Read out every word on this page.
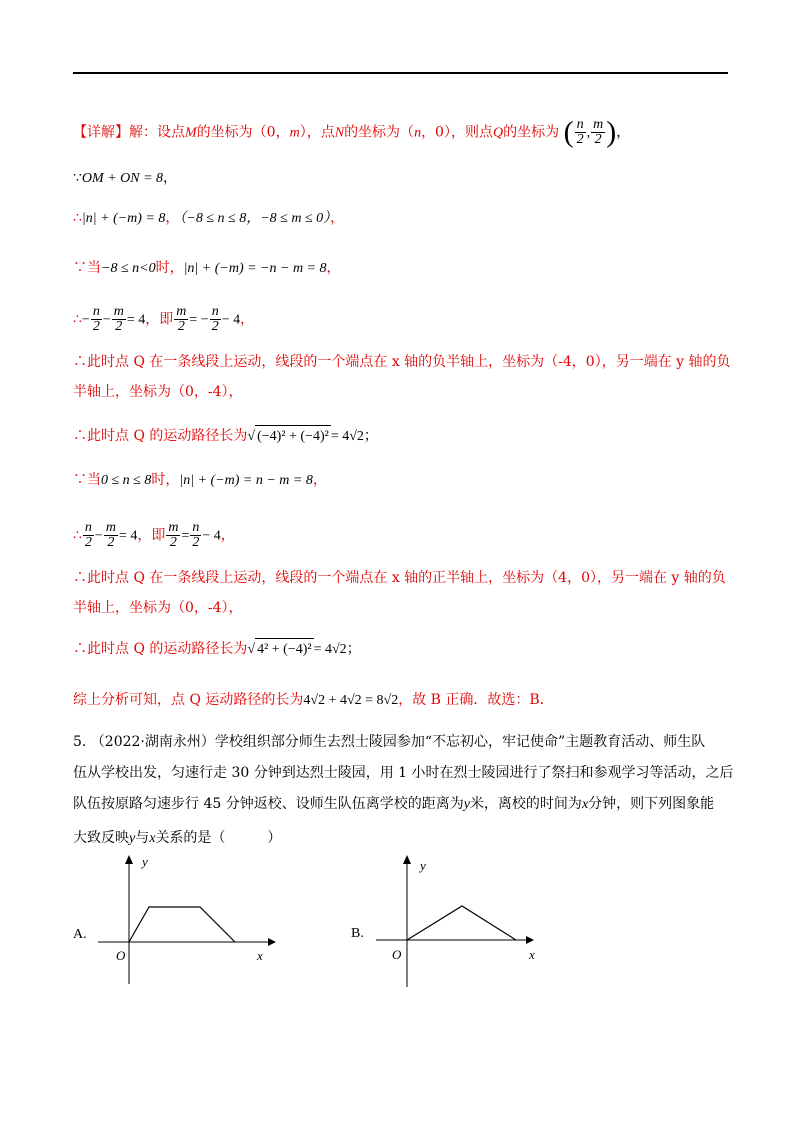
【详解】解：设点M的坐标为（0，m），点N的坐标为（n，0），则点Q的坐标为 ( $\frac{n}{2}$ , $\frac{m}{2}$ )，
∵OM + ON = 8，
∴|n| + (−m) = 8，（−8 ≤ n ≤ 8，−8 ≤ m ≤ 0），
∵当−8 ≤ n<0时，|n| + (−m) = −n − m = 8，
∴− $\frac{n}{2} - \frac{m}{2} = 4$，即 $\frac{m}{2}$ = − $\frac{n}{2} - 4$，
∴此时点 Q 在一条线段上运动，线段的一个端点在 x 轴的负半轴上，坐标为（-4，0），另一端在 y 轴的负
半轴上，坐标为（0，-4），
∴此时点 Q 的运动路径长为√ (−4)² + (−4)² = 4√2；
∵当0 ≤ n ≤ 8时，|n| + (−m) = n − m = 8，
∴ $\frac{n}{2} - \frac{m}{2} = 4$，即 $\frac{m}{2} = \frac{n}{2} - 4$，
∴此时点 Q 在一条线段上运动，线段的一个端点在 x 轴的正半轴上，坐标为（4，0），另一端在 y 轴的负
半轴上，坐标为（0，-4），
∴此时点 Q 的运动路径长为√ 4² + (−4)² = 4√2；
综上分析可知，点 Q 运动路径的长为4√2 + 4√2 = 8√2，故 B 正确．故选：B．
5. （2022·湖南永州）学校组织部分师生去烈士陵园参加“不忘初心，牢记使命”主题教育活动、师生队
伍从学校出发，匀速行走 30 分钟到达烈士陵园，用 1 小时在烈士陵园进行了祭扫和参观学习等活动，之后
队伍按原路匀速步行 45 分钟返校、设师生队伍离学校的距离为y米，离校的时间为x分钟，则下列图象能
大致反映y与x关系的是（　　　）
A.
y
x
O
B.
y
x
O
